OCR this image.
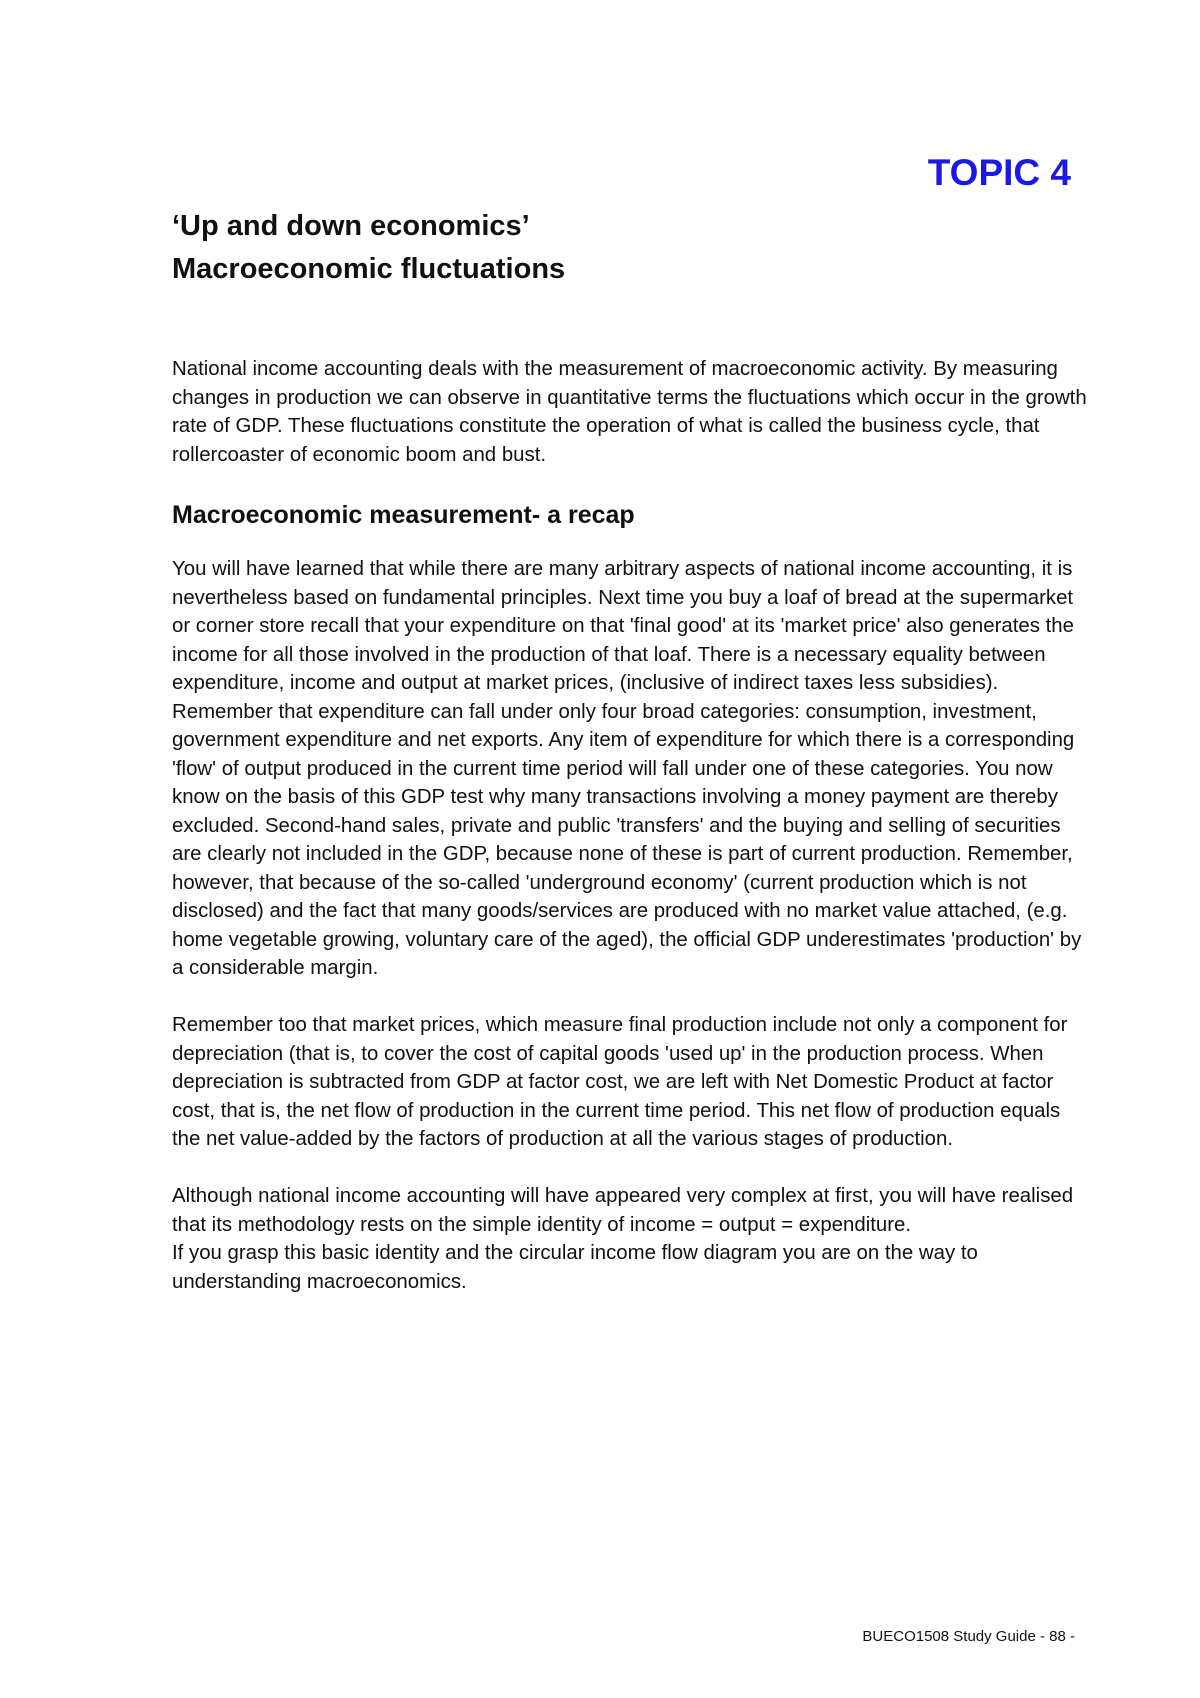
TOPIC 4
‘Up and down economics’
Macroeconomic fluctuations

National income accounting deals with the measurement of macroeconomic activity. By measuring changes in production we can observe in quantitative terms the fluctuations which occur in the growth rate of GDP. These fluctuations constitute the operation of what is called the business cycle, that rollercoaster of economic boom and bust.

Macroeconomic measurement- a recap

You will have learned that while there are many arbitrary aspects of national income accounting, it is nevertheless based on fundamental principles. Next time you buy a loaf of bread at the supermarket or corner store recall that your expenditure on that 'final good' at its 'market price' also generates the income for all those involved in the production of that loaf. There is a necessary equality between expenditure, income and output at market prices, (inclusive of indirect taxes less subsidies). Remember that expenditure can fall under only four broad categories: consumption, investment, government expenditure and net exports. Any item of expenditure for which there is a corresponding 'flow' of output produced in the current time period will fall under one of these categories. You now know on the basis of this GDP test why many transactions involving a money payment are thereby excluded. Second-hand sales, private and public 'transfers' and the buying and selling of securities are clearly not included in the GDP, because none of these is part of current production. Remember, however, that because of the so-called 'underground economy' (current production which is not disclosed) and the fact that many goods/services are produced with no market value attached, (e.g. home vegetable growing, voluntary care of the aged), the official GDP underestimates 'production' by a considerable margin.

Remember too that market prices, which measure final production include not only a component for depreciation (that is, to cover the cost of capital goods 'used up' in the production process. When depreciation is subtracted from GDP at factor cost, we are left with Net Domestic Product at factor cost, that is, the net flow of production in the current time period. This net flow of production equals the net value-added by the factors of production at all the various stages of production.

Although national income accounting will have appeared very complex at first, you will have realised that its methodology rests on the simple identity of income = output = expenditure.

If you grasp this basic identity and the circular income flow diagram you are on the way to understanding macroeconomics.

BUECO1508 Study Guide - 88 -
